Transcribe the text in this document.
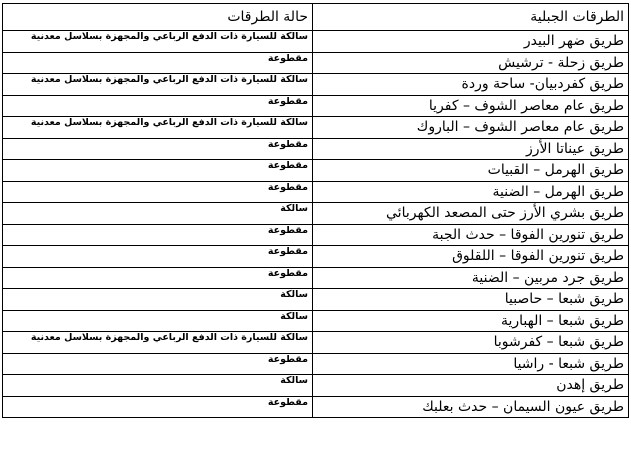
حالة الطرقات	الطرقات الجبلية
سالكة للسيارة ذات الدفع الرباعي والمجهزة بسلاسل معدنية	طريق ضهر البيدر
مقطوعة	طريق زحلة - ترشيش
سالكة للسيارة ذات الدفع الرباعي والمجهزة بسلاسل معدنية	طريق كفردبيان- ساحة وردة
مقطوعة	طريق عام معاصر الشوف – كفريا
سالكة للسيارة ذات الدفع الرباعي والمجهزة بسلاسل معدنية	طريق عام معاصر الشوف – الباروك
مقطوعة	طريق عيناتا الأرز
مقطوعة	طريق الهرمل – القبيات
مقطوعة	طريق الهرمل – الضنية
سالكة	طريق بشري الأرز حتى المصعد الكهربائي
مقطوعة	طريق تنورين الفوقا – حدث الجبة
مقطوعة	طريق تنورين الفوقا – اللقلوق
مقطوعة	طريق جرد مربين – الضنية
سالكة	طريق شبعا – حاصبيا
سالكة	طريق شبعا – الهبارية
سالكة للسيارة ذات الدفع الرباعي والمجهزة بسلاسل معدنية	طريق شبعا – كفرشوبا
مقطوعة	طريق شبعا - راشيا
سالكة	طريق إهدن
مقطوعة	طريق عيون السيمان – حدث بعلبك
